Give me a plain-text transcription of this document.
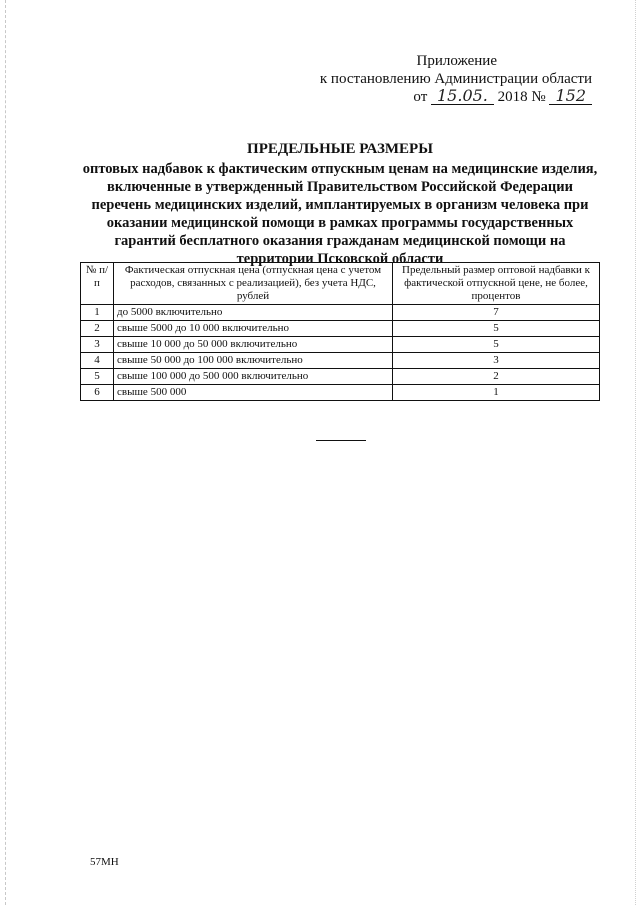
Приложение
к постановлению Администрации области
от 15.05. 2018 № 152
ПРЕДЕЛЬНЫЕ РАЗМЕРЫ
оптовых надбавок к фактическим отпускным ценам на медицинские изделия, включенные в утвержденный Правительством Российской Федерации перечень медицинских изделий, имплантируемых в организм человека при оказании медицинской помощи в рамках программы государственных гарантий бесплатного оказания гражданам медицинской помощи на территории Псковской области
№ п/п	Фактическая отпускная цена (отпускная цена с учетом расходов, связанных с реализацией), без учета НДС, рублей	Предельный размер оптовой надбавки к фактической отпускной цене, не более, процентов
1	до 5000 включительно	7
2	свыше 5000 до 10 000 включительно	5
3	свыше 10 000 до 50 000 включительно	5
4	свыше 50 000 до 100 000 включительно	3
5	свыше 100 000 до 500 000 включительно	2
6	свыше 500 000	1
57МН
